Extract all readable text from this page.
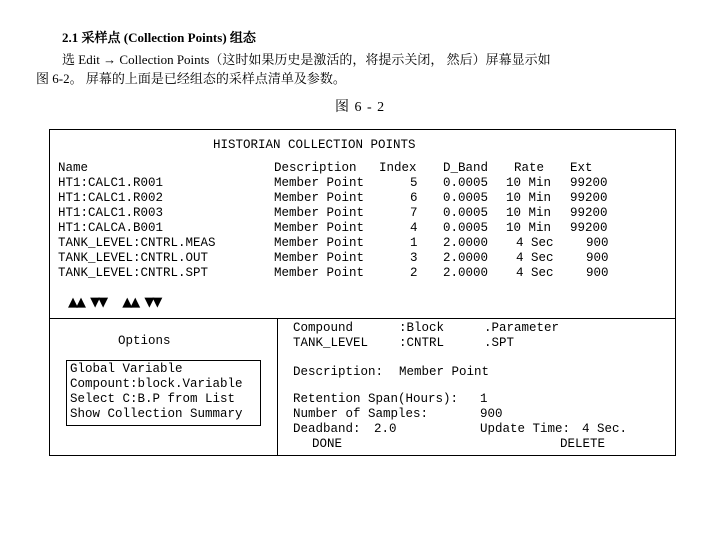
2.1 采样点 (Collection Points) 组态
选 Edit → Collection Points（这时如果历史是激活的，将提示关闭， 然后）屏幕显示如
图 6-2。 屏幕的上面是已经组态的采样点清单及参数。
图 6 - 2
HISTORIAN COLLECTION POINTS
Name	Description Index D_Band Rate Ext
HT1:CALC1.R001	Member Point	5 0.0005 10 Min 99200
HT1:CALC1.R002	Member Point	6 0.0005 10 Min 99200
HT1:CALC1.R003	Member Point	7 0.0005 10 Min 99200
HT1:CALCA.B001	Member Point	4 0.0005 10 Min 99200
TANK_LEVEL:CNTRL.MEAS	Member Point	1 2.0000 4 Sec	900
TANK_LEVEL:CNTRL.OUT	Member Point	3 2.0000 4 Sec	900
TANK_LEVEL:CNTRL.SPT	Member Point	2 2.0000 4 Sec	900
▲▲ ▼▼ ▲▲ ▼▼
Options
Global Variable
Compount:block.Variable
Select C:B.P from List
Show Collection Summary
Compound	:Block	.Parameter
TANK_LEVEL :CNTRL	.SPT
Description: Member Point
Retention Span(Hours): 1
Number of Samples:	900
Deadband: 2.0	Update Time: 4 Sec.
DONE	DELETE
